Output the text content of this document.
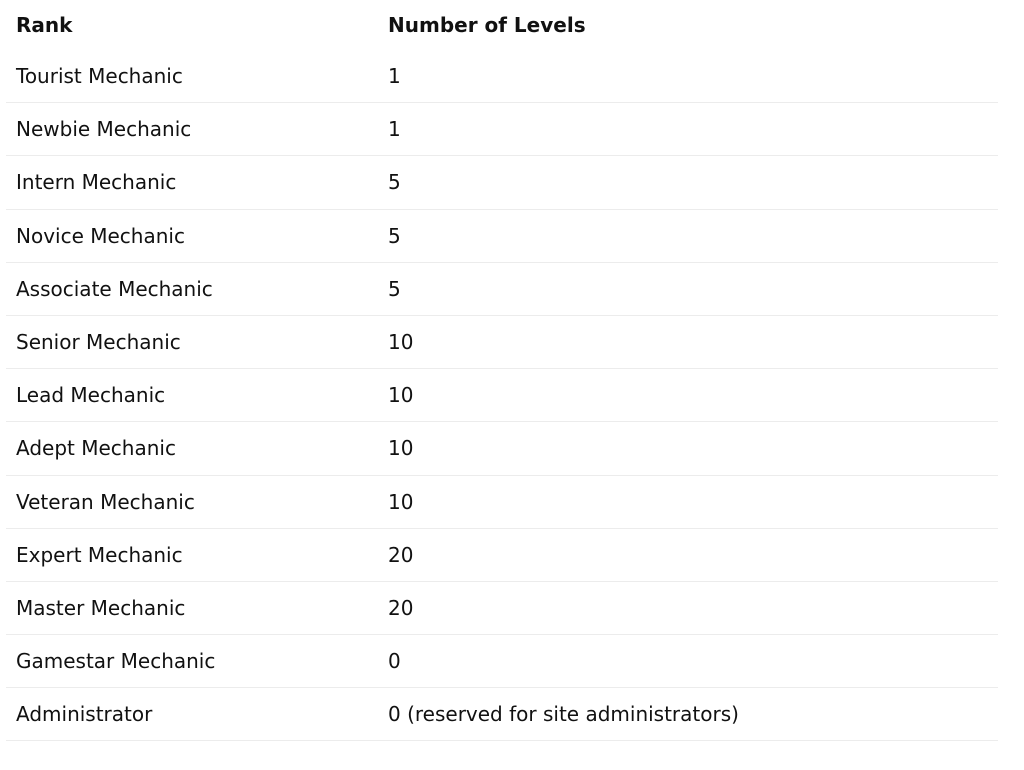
Rank	Number of Levels
Tourist Mechanic	1
Newbie Mechanic	1
Intern Mechanic	5
Novice Mechanic	5
Associate Mechanic	5
Senior Mechanic	10
Lead Mechanic	10
Adept Mechanic	10
Veteran Mechanic	10
Expert Mechanic	20
Master Mechanic	20
Gamestar Mechanic	0
Administrator	0 (reserved for site administrators)
